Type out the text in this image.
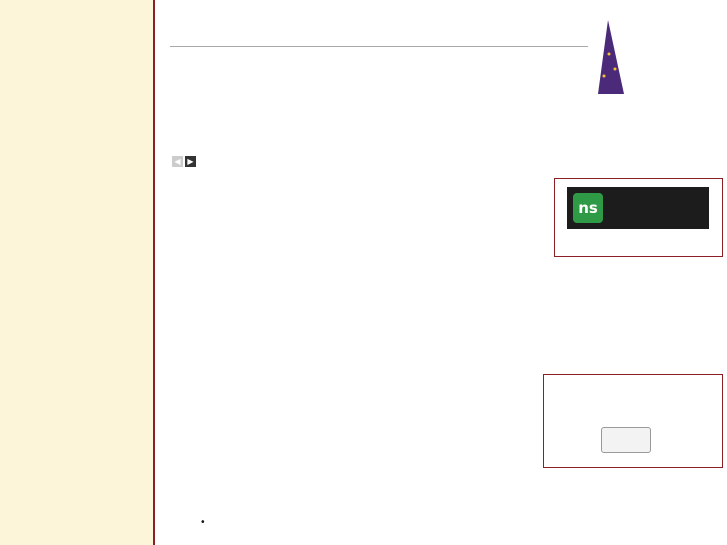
◀ ▶

•

ns
